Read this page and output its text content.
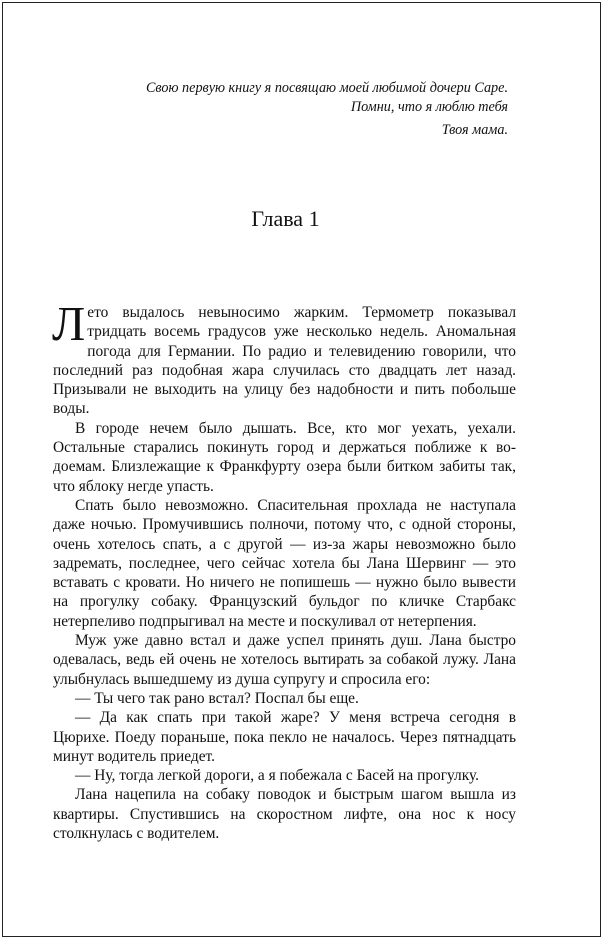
Свою первую книгу я посвящаю моей любимой дочери Саре.
Помни, что я люблю тебя
Твоя мама.
Глава 1

Лето выдалось невыносимо жарким. Термометр показывал тридцать восемь градусов уже несколько недель. Аномальная погода для Германии. По радио и телевидению говорили, что последний раз подобная жара случилась сто двадцать лет назад. Призывали не выходить на улицу без надобности и пить побольше воды.

В городе нечем было дышать. Все, кто мог уехать, уехали. Остальные старались покинуть город и держаться поближе к водоемам. Близлежащие к Франкфурту озера были битком забиты так, что яблоку негде упасть.

Спать было невозможно. Спасительная прохлада не наступала даже ночью. Промучившись полночи, потому что, с одной стороны, очень хотелось спать, а с другой — из-за жары невозможно было задремать, последнее, чего сейчас хотела бы Лана Шервинг — это вставать с кровати. Но ничего не попишешь — нужно было вывести на прогулку собаку. Французский бульдог по кличке Старбакс нетерпеливо подпрыгивал на месте и поскуливал от нетерпения.

Муж уже давно встал и даже успел принять душ. Лана быстро одевалась, ведь ей очень не хотелось вытирать за собакой лужу. Лана улыбнулась вышедшему из душа супругу и спросила его:

— Ты чего так рано встал? Поспал бы еще.

— Да как спать при такой жаре? У меня встреча сегодня в Цюрихе. Поеду пораньше, пока пекло не началось. Через пятнадцать минут водитель приедет.

— Ну, тогда легкой дороги, а я побежала с Басей на прогулку.

Лана нацепила на собаку поводок и быстрым шагом вышла из квартиры. Спустившись на скоростном лифте, она нос к носу столкнулась с водителем.
